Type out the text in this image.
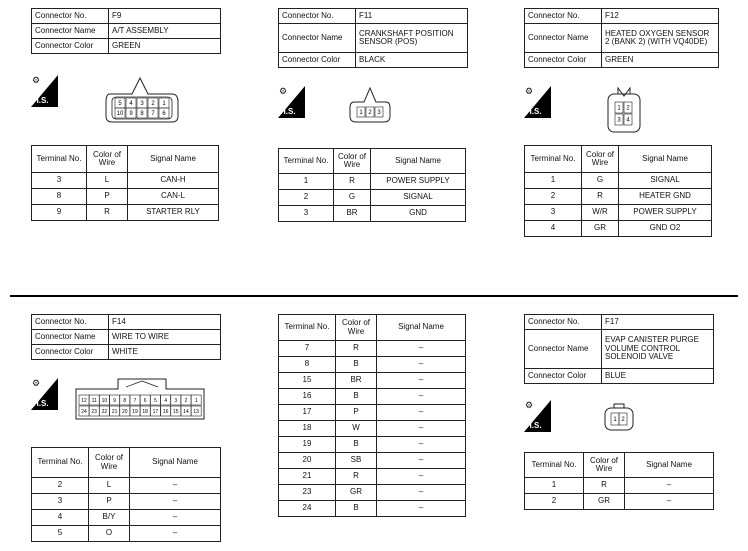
Connector No.	F9
Connector Name	A/T ASSEMBLY
Connector Color	GREEN
⚙
H.S.	5 4 3 2 1
10 9 8 7 6
Terminal No.	Color of Wire	Signal Name
3	L	CAN-H
8	P	CAN-L
9	R	STARTER RLY
Connector No.	F11
Connector Name	CRANKSHAFT POSITION SENSOR (POS)
Connector Color	BLACK
⚙
H.S.	1 2 3
Terminal No.	Color of Wire	Signal Name
1	R	POWER SUPPLY
2	G	SIGNAL
3	BR	GND
Connector No.	F12
Connector Name	HEATED OXYGEN SENSOR 2 (BANK 2) (WITH VQ40DE)
Connector Color	GREEN
⚙
H.S.	1 2
3 4
Terminal No.	Color of Wire	Signal Name
1	G	SIGNAL
2	R	HEATER GND
3	W/R	POWER SUPPLY
4	GR	GND O2
Connector No.	F14
Connector Name	WIRE TO WIRE
Connector Color	WHITE
⚙
H.S.	12 11 10 9 8 7 6 5 4 3 2 1
24 23 22 21 20 19 18 17 16 15 14 13
Terminal No.	Color of Wire	Signal Name
2	L	–
3	P	–
4	B/Y	–
5	O	–
Terminal No.	Color of Wire	Signal Name
7	R	–
8	B	–
15	BR	–
16	B	–
17	P	–
18	W	–
19	B	–
20	SB	–
21	R	–
23	GR	–
24	B	–
Connector No.	F17
Connector Name	EVAP CANISTER PURGE VOLUME CONTROL SOLENOID VALVE
Connector Color	BLUE
⚙
H.S.
1 2
Terminal No.	Color of Wire	Signal Name
1	R	–
2	GR	–
